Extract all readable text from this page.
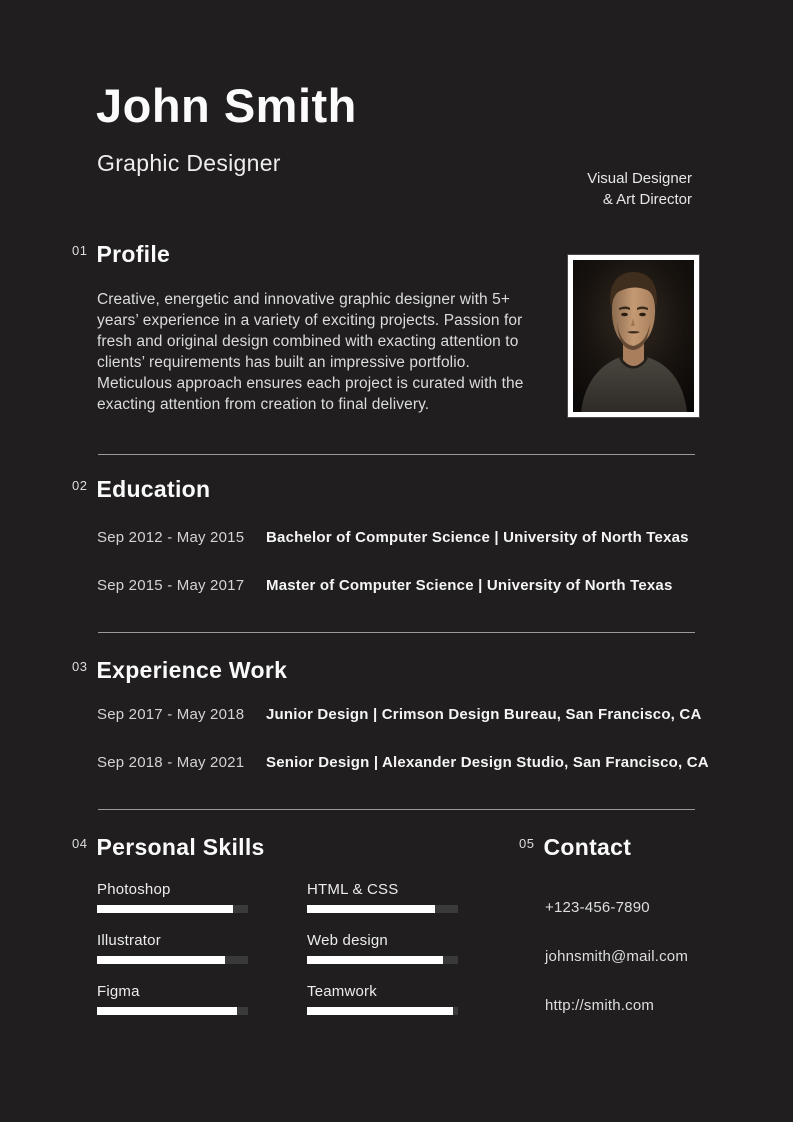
John Smith
Graphic Designer
Visual Designer
& Art Director
01 Profile
Creative, energetic and innovative graphic designer with 5+ years’ experience in a variety of exciting projects. Passion for fresh and original design combined with exacting attention to clients’ requirements has built an impressive portfolio. Meticulous approach ensures each project is curated with the exacting attention from creation to final delivery.
02 Education
Sep 2012 - May 2015 Bachelor of Computer Science | University of North Texas
Sep 2015 - May 2017 Master of Computer Science | University of North Texas
03 Experience Work
Sep 2017 - May 2018 Junior Design | Crimson Design Bureau, San Francisco, CA
Sep 2018 - May 2021 Senior Design | Alexander Design Studio, San Francisco, CA
04 Personal Skills
Photoshop
Illustrator
Figma
HTML & CSS
Web design
Teamwork
05 Contact
+123-456-7890
johnsmith@mail.com
http://smith.com
